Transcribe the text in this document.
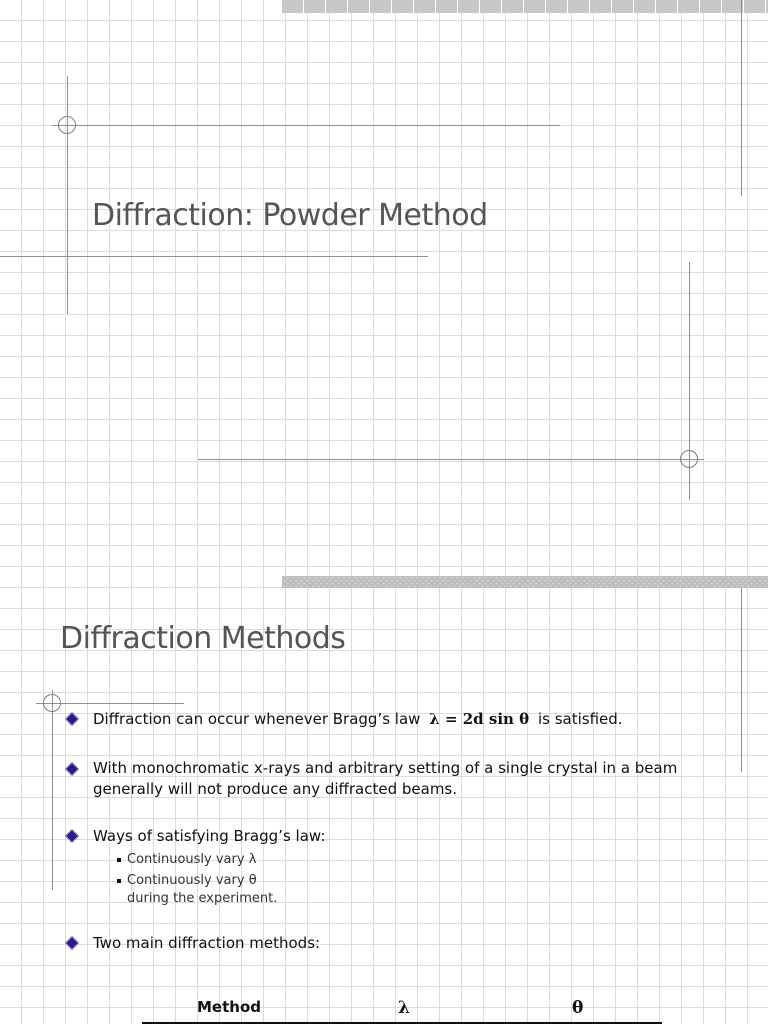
Diffraction: Powder Method
Diffraction Methods
Diffraction can occur whenever Bragg’s law λ = 2d sin θ is satisfied.
With monochromatic x-rays and arbitrary setting of a single crystal in a beam
generally will not produce any diffracted beams.
Ways of satisfying Bragg’s law:
Continuously vary λ
Continuously vary θ
during the experiment.
Two main diffraction methods:
Method	λ	θ
